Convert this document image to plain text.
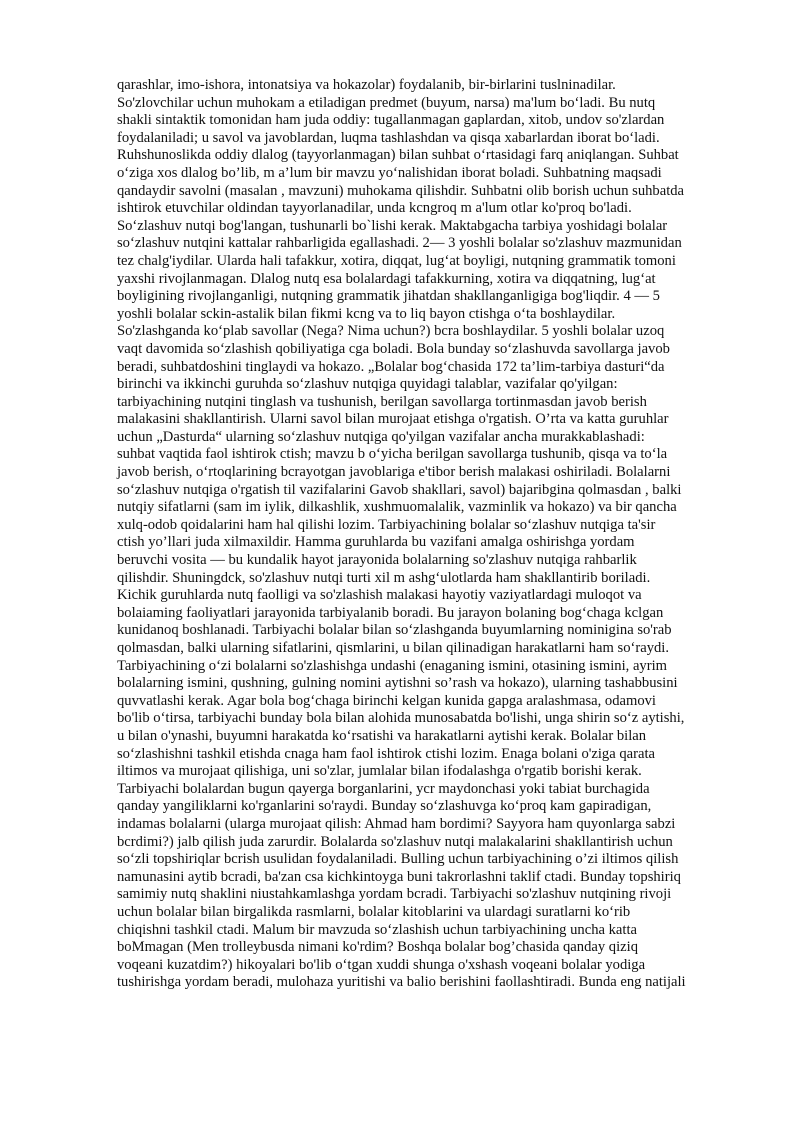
qarashlar, imo-ishora, intonatsiya va hokazolar) foydalanib, bir-birlarini tuslninadilar.
So'zlovchilar uchun muhokam a etiladigan predmet (buyum, narsa) ma'lum bo‘ladi. Bu nutq
shakli sintaktik tomonidan ham juda oddiy: tugallanmagan gaplardan, xitob, undov so'zlardan
foydalaniladi; u savol va javoblardan, luqma tashlashdan va qisqa xabarlardan iborat bo‘ladi.
Ruhshunoslikda oddiy dlalog (tayyorlanmagan) bilan suhbat o‘rtasidagi farq aniqlangan. Suhbat
o‘ziga xos dlalog bo’lib, m a’lum bir mavzu yo‘nalishidan iborat boladi. Suhbatning maqsadi
qandaydir savolni (masalan , mavzuni) muhokama qilishdir. Suhbatni olib borish uchun suhbatda
ishtirok etuvchilar oldindan tayyorlanadilar, unda kcngroq m a'lum otlar ko'proq bo'ladi.
So‘zlashuv nutqi bog'langan, tushunarli bo`lishi kerak. Maktabgacha tarbiya yoshidagi bolalar
so‘zlashuv nutqini kattalar rahbarligida egallashadi. 2— 3 yoshli bolalar so'zlashuv mazmunidan
tez chalg'iydilar. Ularda hali tafakkur, xotira, diqqat, lug‘at boyligi, nutqning grammatik tomoni
yaxshi rivojlanmagan. Dlalog nutq esa bolalardagi tafakkurning, xotira va diqqatning, lug‘at
boyligining rivojlanganligi, nutqning grammatik jihatdan shakllanganligiga bog'liqdir. 4 — 5
yoshli bolalar sckin-astalik bilan fikmi kcng va to liq bayon ctishga o‘ta boshlaydilar.
So'zlashganda ko‘plab savollar (Nega? Nima uchun?) bcra boshlaydilar. 5 yoshli bolalar uzoq
vaqt davomida so‘zlashish qobiliyatiga cga boladi. Bola bunday so‘zlashuvda savollarga javob
beradi, suhbatdoshini tinglaydi va hokazo. „Bolalar bog‘chasida 172 ta’lim-tarbiya dasturi“da
birinchi va ikkinchi guruhda so‘zlashuv nutqiga quyidagi talablar, vazifalar qo'yilgan:
tarbiyachining nutqini tinglash va tushunish, berilgan savollarga tortinmasdan javob berish
malakasini shakllantirish. Ularni savol bilan murojaat etishga o'rgatish. O’rta va katta guruhlar
uchun „Dasturda“ ularning so‘zlashuv nutqiga qo'yilgan vazifalar ancha murakkablashadi:
suhbat vaqtida faol ishtirok ctish; mavzu b o‘yicha berilgan savollarga tushunib, qisqa va to‘la
javob berish, o‘rtoqlarining bcrayotgan javoblariga e'tibor berish malakasi oshiriladi. Bolalarni
so‘zlashuv nutqiga o'rgatish til vazifalarini Gavob shakllari, savol) bajaribgina qolmasdan , balki
nutqiy sifatlarni (sam im iylik, dilkashlik, xushmuomalalik, vazminlik va hokazo) va bir qancha
xulq-odob qoidalarini ham hal qilishi lozim. Tarbiyachining bolalar so‘zlashuv nutqiga ta'sir
ctish yo’llari juda xilmaxildir. Hamma guruhlarda bu vazifani amalga oshirishga yordam
beruvchi vosita — bu kundalik hayot jarayonida bolalarning so'zlashuv nutqiga rahbarlik
qilishdir. Shuningdck, so'zlashuv nutqi turti xil m ashg‘ulotlarda ham shakllantirib boriladi.
Kichik guruhlarda nutq faolligi va so'zlashish malakasi hayotiy vaziyatlardagi muloqot va
bolaiaming faoliyatlari jarayonida tarbiyalanib boradi. Bu jarayon bolaning bog‘chaga kclgan
kunidanoq boshlanadi. Tarbiyachi bolalar bilan so‘zlashganda buyumlarning nominigina so'rab
qolmasdan, balki ularning sifatlarini, qismlarini, u bilan qilinadigan harakatlarni ham so‘raydi.
Tarbiyachining o‘zi bolalarni so'zlashishga undashi (enaganing ismini, otasining ismini, ayrim
bolalarning ismini, qushning, gulning nomini aytishni so’rash va hokazo), ularning tashabbusini
quvvatlashi kerak. Agar bola bog‘chaga birinchi kelgan kunida gapga aralashmasa, odamovi
bo'lib o‘tirsa, tarbiyachi bunday bola bilan alohida munosabatda bo'lishi, unga shirin so‘z aytishi,
u bilan o'ynashi, buyumni harakatda ko‘rsatishi va harakatlarni aytishi kerak. Bolalar bilan
so‘zlashishni tashkil etishda cnaga ham faol ishtirok ctishi lozim. Enaga bolani o'ziga qarata
iltimos va murojaat qilishiga, uni so'zlar, jumlalar bilan ifodalashga o'rgatib borishi kerak.
Tarbiyachi bolalardan bugun qayerga borganlarini, ycr maydonchasi yoki tabiat burchagida
qanday yangiliklarni ko'rganlarini so'raydi. Bunday so‘zlashuvga ko‘proq kam gapiradigan,
indamas bolalarni (ularga murojaat qilish: Ahmad ham bordimi? Sayyora ham quyonlarga sabzi
bcrdimi?) jalb qilish juda zarurdir. Bolalarda so'zlashuv nutqi malakalarini shakllantirish uchun
so‘zli topshiriqlar bcrish usulidan foydalaniladi. Bulling uchun tarbiyachining o’zi iltimos qilish
namunasini aytib bcradi, ba'zan csa kichkintoyga buni takrorlashni taklif ctadi. Bunday topshiriq
samimiy nutq shaklini niustahkamlashga yordam bcradi. Tarbiyachi so'zlashuv nutqining rivoji
uchun bolalar bilan birgalikda rasmlarni, bolalar kitoblarini va ulardagi suratlarni ko‘rib
chiqishni tashkil ctadi. Malum bir mavzuda so‘zlashish uchun tarbiyachining uncha katta
boMmagan (Men trolleybusda nimani ko'rdim? Boshqa bolalar bog’chasida qanday qiziq
voqeani kuzatdim?) hikoyalari bo'lib o‘tgan xuddi shunga o'xshash voqeani bolalar yodiga
tushirishga yordam beradi, mulohaza yuritishi va balio berishini faollashtiradi. Bunda eng natijali
